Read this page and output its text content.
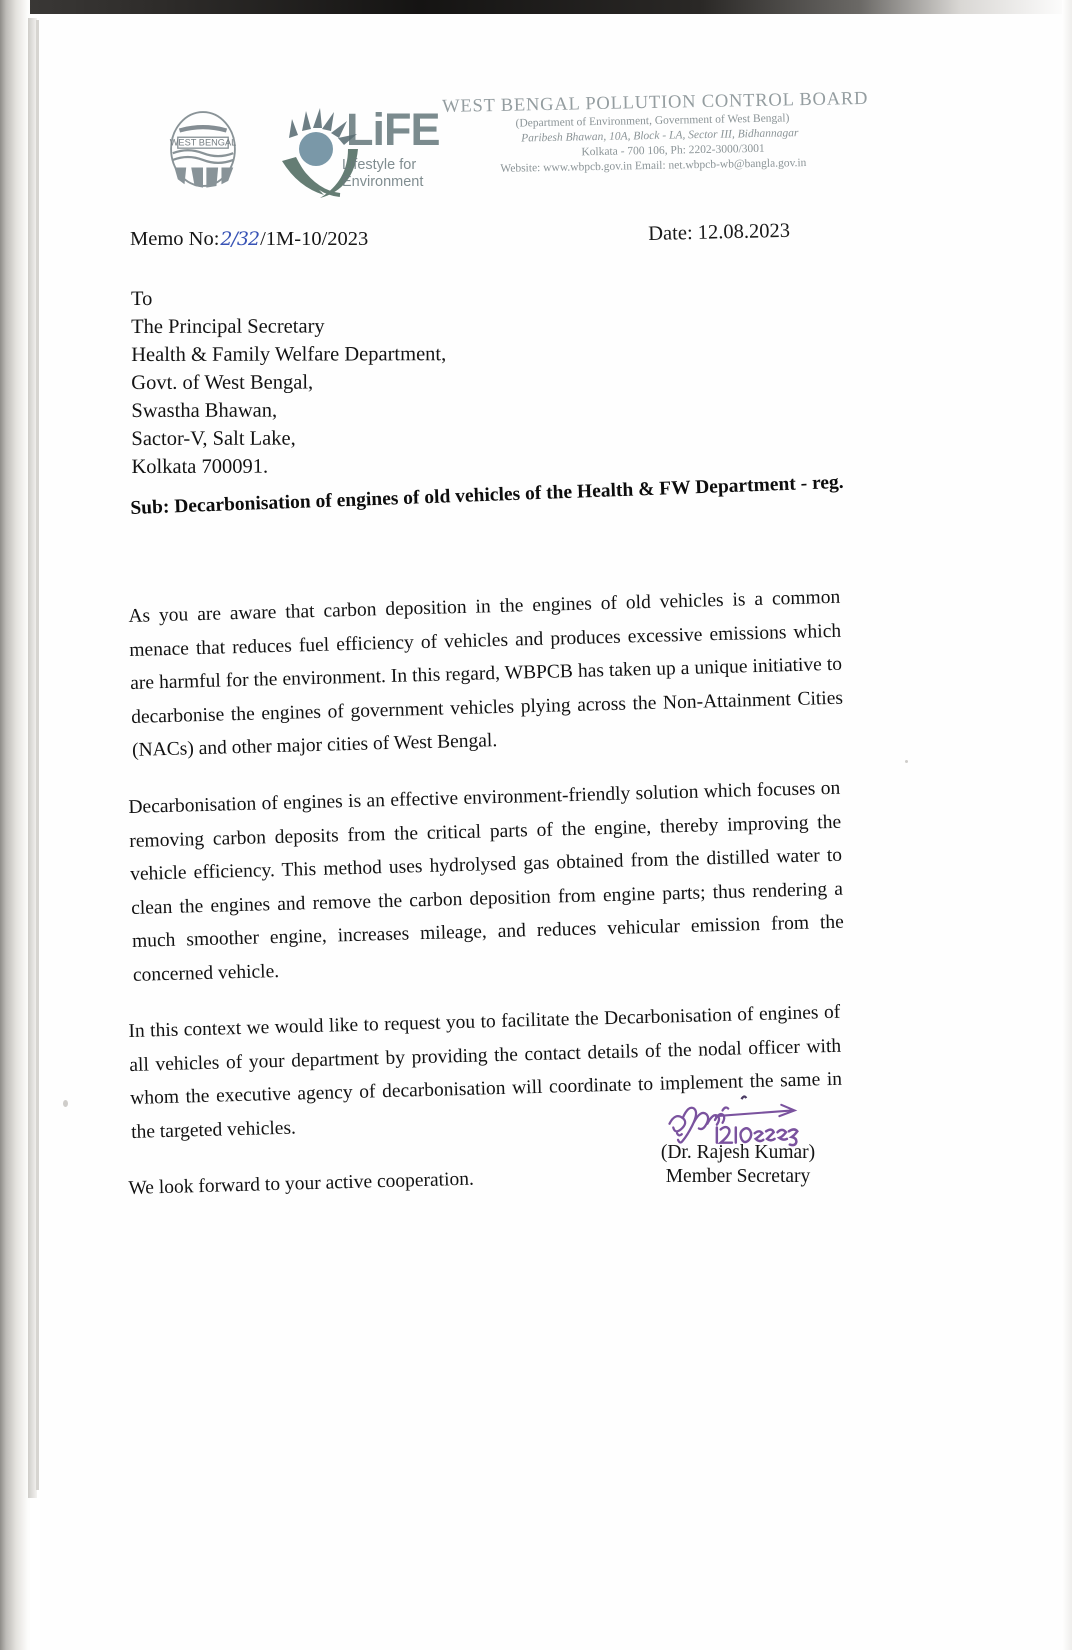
WEST BENGAL LiFE
Lifestyle for
Environment
WEST BENGAL POLLUTION CONTROL BOARD
(Department of Environment, Government of West Bengal)
Paribesh Bhawan, 10A, Block - LA, Sector III, Bidhannagar
Kolkata - 700 106, Ph: 2202-3000/3001
Website: www.wbpcb.gov.in Email: net.wbpcb-wb@bangla.gov.in
Memo No:2/32/1M-10/2023	Date: 12.08.2023
To
The Principal Secretary
Health & Family Welfare Department,
Govt. of West Bengal,
Swastha Bhawan,
Sactor-V, Salt Lake,
Kolkata 700091.
Sub: Decarbonisation of engines of old vehicles of the Health & FW Department - reg.

As you are aware that carbon deposition in the engines of old vehicles is a common menace that reduces fuel efficiency of vehicles and produces excessive emissions which are harmful for the environment. In this regard, WBPCB has taken up a unique initiative to decarbonise the engines of government vehicles plying across the Non-Attainment Cities (NACs) and other major cities of West Bengal.

Decarbonisation of engines is an effective environment-friendly solution which focuses on removing carbon deposits from the critical parts of the engine, thereby improving the vehicle efficiency. This method uses hydrolysed gas obtained from the distilled water to clean the engines and remove the carbon deposition from engine parts; thus rendering a much smoother engine, increases mileage, and reduces vehicular emission from the concerned vehicle.

In this context we would like to request you to facilitate the Decarbonisation of engines of all vehicles of your department by providing the contact details of the nodal officer with whom the executive agency of decarbonisation will coordinate to implement the same in the targeted vehicles.

We look forward to your active cooperation.

(Dr. Rajesh Kumar)
Member Secretary
